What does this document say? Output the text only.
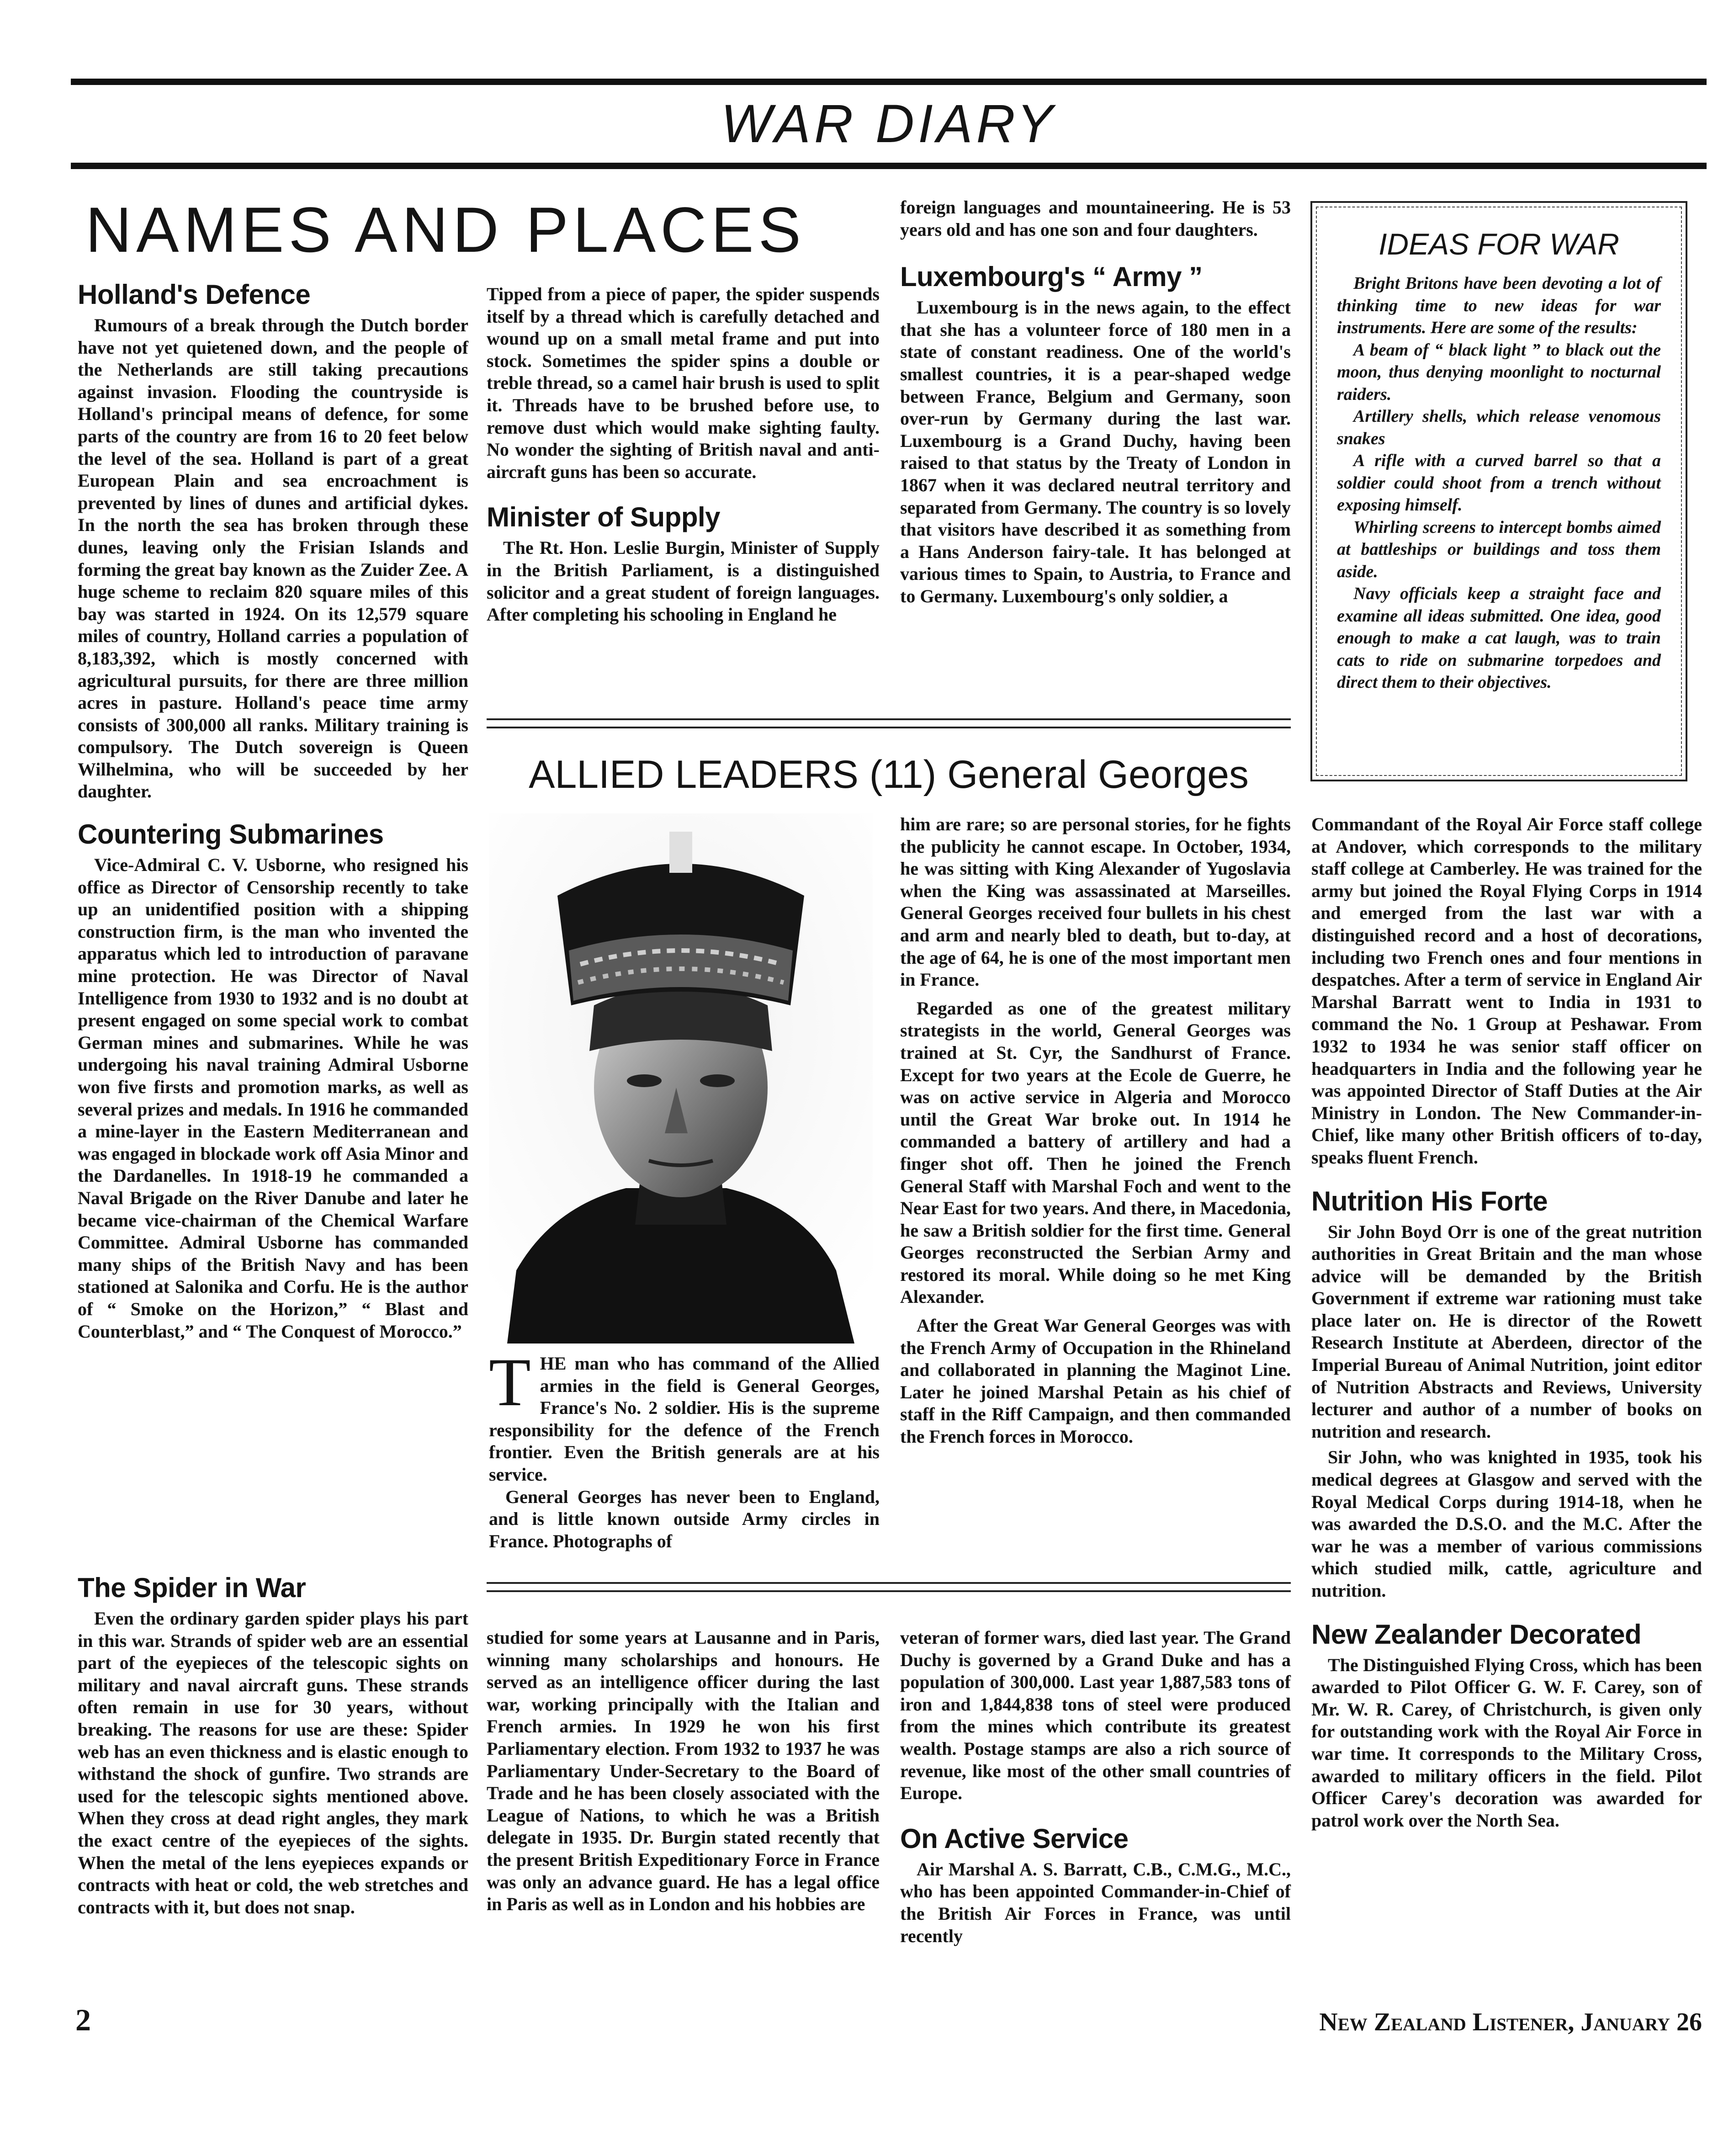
WAR DIARY
NAMES AND PLACES
Holland's Defence

Rumours of a break through the Dutch border have not yet quietened down, and the people of the Netherlands are still taking precautions against invasion. Flooding the countryside is Holland's principal means of defence, for some parts of the country are from 16 to 20 feet below the level of the sea. Holland is part of a great European Plain and sea encroachment is prevented by lines of dunes and artificial dykes. In the north the sea has broken through these dunes, leaving only the Frisian Islands and forming the great bay known as the Zuider Zee. A huge scheme to reclaim 820 square miles of this bay was started in 1924. On its 12,579 square miles of country, Holland carries a population of 8,183,392, which is mostly concerned with agricultural pursuits, for there are three million acres in pasture. Holland's peace time army consists of 300,000 all ranks. Military training is compulsory. The Dutch sovereign is Queen Wilhelmina, who will be succeeded by her daughter.

Countering Submarines

Vice-Admiral C. V. Usborne, who resigned his office as Director of Censorship recently to take up an unidentified position with a shipping construction firm, is the man who invented the apparatus which led to introduction of paravane mine protection. He was Director of Naval Intelligence from 1930 to 1932 and is no doubt at present engaged on some special work to combat German mines and submarines. While he was undergoing his naval training Admiral Usborne won five firsts and promotion marks, as well as several prizes and medals. In 1916 he commanded a mine-layer in the Eastern Mediterranean and was engaged in blockade work off Asia Minor and the Dardanelles. In 1918-19 he commanded a Naval Brigade on the River Danube and later he became vice-chairman of the Chemical Warfare Committee. Admiral Usborne has commanded many ships of the British Navy and has been stationed at Salonika and Corfu. He is the author of “ Smoke on the Horizon,” “ Blast and Counterblast,” and “ The Conquest of Morocco.”

The Spider in War

Even the ordinary garden spider plays his part in this war. Strands of spider web are an essential part of the eyepieces of the telescopic sights on military and naval aircraft guns. These strands often remain in use for 30 years, without breaking. The reasons for use are these: Spider web has an even thickness and is elastic enough to withstand the shock of gunfire. Two strands are used for the telescopic sights mentioned above. When they cross at dead right angles, they mark the exact centre of the eyepieces of the sights. When the metal of the lens eyepieces expands or contracts with heat or cold, the web stretches and contracts with it, but does not snap.

Tipped from a piece of paper, the spider suspends itself by a thread which is carefully detached and wound up on a small metal frame and put into stock. Sometimes the spider spins a double or treble thread, so a camel hair brush is used to split it. Threads have to be brushed before use, to remove dust which would make sighting faulty. No wonder the sighting of British naval and anti-aircraft guns has been so accurate.

Minister of Supply

The Rt. Hon. Leslie Burgin, Minister of Supply in the British Parliament, is a distinguished solicitor and a great student of foreign languages. After completing his schooling in England he

foreign languages and mountaineering. He is 53 years old and has one son and four daughters.

Luxembourg's “ Army ”

Luxembourg is in the news again, to the effect that she has a volunteer force of 180 men in a state of constant readiness. One of the world's smallest countries, it is a pear-shaped wedge between France, Belgium and Germany, soon over-run by Germany during the last war. Luxembourg is a Grand Duchy, having been raised to that status by the Treaty of London in 1867 when it was declared neutral territory and separated from Germany. The country is so lovely that visitors have described it as something from a Hans Anderson fairy-tale. It has belonged at various times to Spain, to Austria, to France and to Germany. Luxembourg's only soldier, a

IDEAS FOR WAR

Bright Britons have been devoting a lot of thinking time to new ideas for war instruments. Here are some of the results:

A beam of “ black light ” to black out the moon, thus denying moonlight to nocturnal raiders.

Artillery shells, which release venomous snakes

A rifle with a curved barrel so that a soldier could shoot from a trench without exposing himself.

Whirling screens to intercept bombs aimed at battleships or buildings and toss them aside.

Navy officials keep a straight face and examine all ideas submitted. One idea, good enough to make a cat laugh, was to train cats to ride on submarine torpedoes and direct them to their objectives.

ALLIED LEADERS (11) General Georges
T HE man who has command of the Allied armies in the field is General Georges, France's No. 2 soldier. His is the supreme responsibility for the defence of the French frontier. Even the British generals are at his service.

General Georges has never been to England, and is little known outside Army circles in France. Photographs of

him are rare; so are personal stories, for he fights the publicity he cannot escape. In October, 1934, he was sitting with King Alexander of Yugoslavia when the King was assassinated at Marseilles. General Georges received four bullets in his chest and arm and nearly bled to death, but to-day, at the age of 64, he is one of the most important men in France.

Regarded as one of the greatest military strategists in the world, General Georges was trained at St. Cyr, the Sandhurst of France. Except for two years at the Ecole de Guerre, he was on active service in Algeria and Morocco until the Great War broke out. In 1914 he commanded a battery of artillery and had a finger shot off. Then he joined the French General Staff with Marshal Foch and went to the Near East for two years. And there, in Macedonia, he saw a British soldier for the first time. General Georges reconstructed the Serbian Army and restored its moral. While doing so he met King Alexander.

After the Great War General Georges was with the French Army of Occupation in the Rhineland and collaborated in planning the Maginot Line. Later he joined Marshal Petain as his chief of staff in the Riff Campaign, and then commanded the French forces in Morocco.

studied for some years at Lausanne and in Paris, winning many scholarships and honours. He served as an intelligence officer during the last war, working principally with the Italian and French armies. In 1929 he won his first Parliamentary election. From 1932 to 1937 he was Parliamentary Under-Secretary to the Board of Trade and he has been closely associated with the League of Nations, to which he was a British delegate in 1935. Dr. Burgin stated recently that the present British Expeditionary Force in France was only an advance guard. He has a legal office in Paris as well as in London and his hobbies are

veteran of former wars, died last year. The Grand Duchy is governed by a Grand Duke and has a population of 300,000. Last year 1,887,583 tons of iron and 1,844,838 tons of steel were produced from the mines which contribute its greatest wealth. Postage stamps are also a rich source of revenue, like most of the other small countries of Europe.

On Active Service

Air Marshal A. S. Barratt, C.B., C.M.G., M.C., who has been appointed Commander-in-Chief of the British Air Forces in France, was until recently

Commandant of the Royal Air Force staff college at Andover, which corresponds to the military staff college at Camberley. He was trained for the army but joined the Royal Flying Corps in 1914 and emerged from the last war with a distinguished record and a host of decorations, including two French ones and four mentions in despatches. After a term of service in England Air Marshal Barratt went to India in 1931 to command the No. 1 Group at Peshawar. From 1932 to 1934 he was senior staff officer on headquarters in India and the following year he was appointed Director of Staff Duties at the Air Ministry in London. The New Commander-in-Chief, like many other British officers of to-day, speaks fluent French.

Nutrition His Forte

Sir John Boyd Orr is one of the great nutrition authorities in Great Britain and the man whose advice will be demanded by the British Government if extreme war rationing must take place later on. He is director of the Rowett Research Institute at Aberdeen, director of the Imperial Bureau of Animal Nutrition, joint editor of Nutrition Abstracts and Reviews, University lecturer and author of a number of books on nutrition and research.

Sir John, who was knighted in 1935, took his medical degrees at Glasgow and served with the Royal Medical Corps during 1914-18, when he was awarded the D.S.O. and the M.C. After the war he was a member of various commissions which studied milk, cattle, agriculture and nutrition.

New Zealander Decorated

The Distinguished Flying Cross, which has been awarded to Pilot Officer G. W. F. Carey, son of Mr. W. R. Carey, of Christchurch, is given only for outstanding work with the Royal Air Force in war time. It corresponds to the Military Cross, awarded to military officers in the field. Pilot Officer Carey's decoration was awarded for patrol work over the North Sea.

2	New Zealand Listener, January 26
